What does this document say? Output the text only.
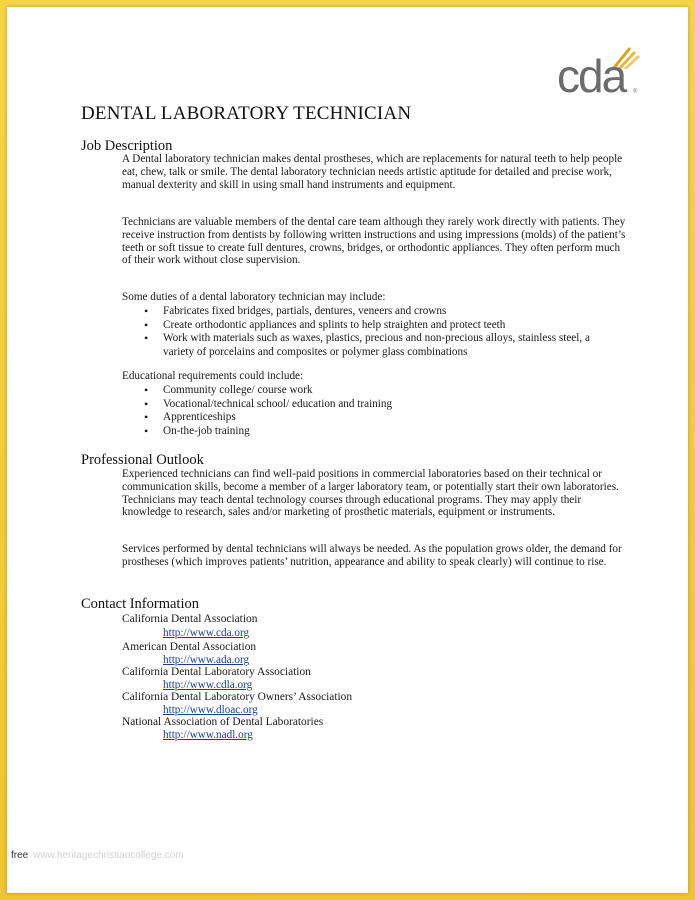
cda ®
DENTAL LABORATORY TECHNICIAN
Job Description

A Dental laboratory technician makes dental prostheses, which are replacements for natural teeth to help people eat, chew, talk or smile. The dental laboratory technician needs artistic aptitude for detailed and precise work, manual dexterity and skill in using small hand instruments and equipment.

Technicians are valuable members of the dental care team although they rarely work directly with patients. They receive instruction from dentists by following written instructions and using impressions (molds) of the patient’s teeth or soft tissue to create full dentures, crowns, bridges, or orthodontic appliances. They often perform much of their work without close supervision.

Some duties of a dental laboratory technician may include:
• Fabricates fixed bridges, partials, dentures, veneers and crowns
• Create orthodontic appliances and splints to help straighten and protect teeth
• Work with materials such as waxes, plastics, precious and non-precious alloys, stainless steel, a variety of porcelains and composites or polymer glass combinations
Educational requirements could include:
• Community college/ course work
• Vocational/technical school/ education and training
• Apprenticeships
• On-the-job training
Professional Outlook

Experienced technicians can find well-paid positions in commercial laboratories based on their technical or communication skills, become a member of a larger laboratory team, or potentially start their own laboratories. Technicians may teach dental technology courses through educational programs. They may apply their knowledge to research, sales and/or marketing of prosthetic materials, equipment or instruments.

Services performed by dental technicians will always be needed. As the population grows older, the demand for prostheses (which improves patients’ nutrition, appearance and ability to speak clearly) will continue to rise.

Contact Information
California Dental Association
http://www.cda.org
American Dental Association
http://www.ada.org
California Dental Laboratory Association
http://www.cdla.org
California Dental Laboratory Owners’ Association
http://www.dloac.org
National Association of Dental Laboratories
http://www.nadl.org
free www.heritagechristiancollege.com
